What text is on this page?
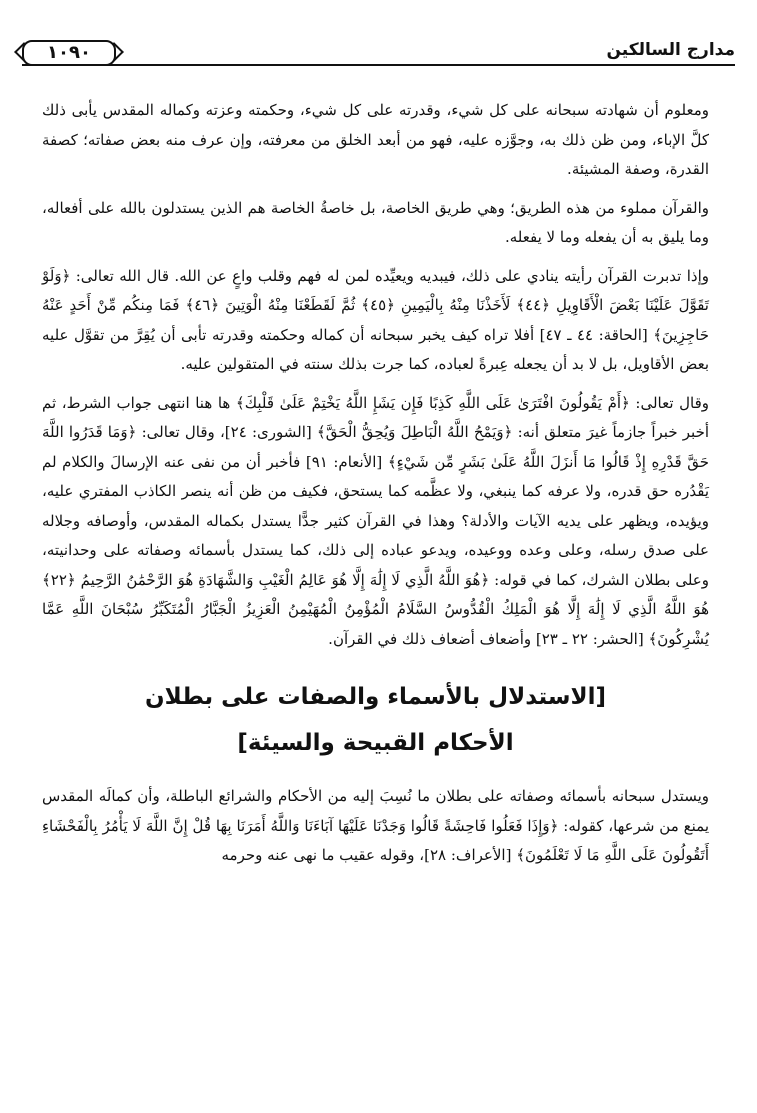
مدارج السالكين
١٠٩٠

ومعلوم أن شهادته سبحانه على كل شيء، وقدرته على كل شيء، وحكمته وعزته وكماله المقدس يأبى ذلك كلَّ الإباء، ومن ظن ذلك به، وجوَّزه عليه، فهو من أبعد الخلق من معرفته، وإن عرف منه بعض صفاته؛ كصفة القدرة، وصفة المشيئة.

والقرآن مملوء من هذه الطريق؛ وهي طريق الخاصة، بل خاصةُ الخاصة هم الذين يستدلون بالله على أفعاله، وما يليق به أن يفعله وما لا يفعله.

وإذا تدبرت القرآن رأيته ينادي على ذلك، فيبديه ويعيِّده لمن له فهم وقلب واعٍ عن الله. قال الله تعالى: ﴿وَلَوْ تَقَوَّلَ عَلَيْنَا بَعْضَ الْأَقَاوِيلِ ﴿٤٤﴾ لَأَخَذْنَا مِنْهُ بِالْيَمِينِ ﴿٤٥﴾ ثُمَّ لَقَطَعْنَا مِنْهُ الْوَتِينَ ﴿٤٦﴾ فَمَا مِنكُم مِّنْ أَحَدٍ عَنْهُ حَاجِزِينَ﴾ [الحاقة: ٤٤ ـ ٤٧] أفلا تراه كيف يخبر سبحانه أن كماله وحكمته وقدرته تأبى أن يُقِرَّ من تقوَّل عليه بعض الأقاويل، بل لا بد أن يجعله عِبرةً لعباده، كما جرت بذلك سنته في المتقولين عليه.

وقال تعالى: ﴿أَمْ يَقُولُونَ افْتَرَىٰ عَلَى اللَّهِ كَذِبًا فَإِن يَشَإِ اللَّهُ يَخْتِمْ عَلَىٰ قَلْبِكَ﴾ ها هنا انتهى جواب الشرط، ثم أخبر خبراً جازماً غيرَ متعلق أنه: ﴿وَيَمْحُ اللَّهُ الْبَاطِلَ وَيُحِقُّ الْحَقَّ﴾ [الشورى: ٢٤]، وقال تعالى: ﴿وَمَا قَدَرُوا اللَّهَ حَقَّ قَدْرِهِ إِذْ قَالُوا مَا أَنزَلَ اللَّهُ عَلَىٰ بَشَرٍ مِّن شَيْءٍ﴾ [الأنعام: ٩١] فأخبر أن من نفى عنه الإرسالَ والكلام لم يَقْدُره حق قدره، ولا عرفه كما ينبغي، ولا عظَّمه كما يستحق، فكيف من ظن أنه ينصر الكاذب المفتري عليه، ويؤيده، ويظهر على يديه الآيات والأدلة؟ وهذا في القرآن كثير جدًّا يستدل بكماله المقدس، وأوصافه وجلاله على صدق رسله، وعلى وعده ووعيده، ويدعو عباده إلى ذلك، كما يستدل بأسمائه وصفاته على وحدانيته، وعلى بطلان الشرك، كما في قوله: ﴿هُوَ اللَّهُ الَّذِي لَا إِلَٰهَ إِلَّا هُوَ عَالِمُ الْغَيْبِ وَالشَّهَادَةِ هُوَ الرَّحْمَٰنُ الرَّحِيمُ ﴿٢٢﴾ هُوَ اللَّهُ الَّذِي لَا إِلَٰهَ إِلَّا هُوَ الْمَلِكُ الْقُدُّوسُ السَّلَامُ الْمُؤْمِنُ الْمُهَيْمِنُ الْعَزِيزُ الْجَبَّارُ الْمُتَكَبِّرُ سُبْحَانَ اللَّهِ عَمَّا يُشْرِكُونَ﴾ [الحشر: ٢٢ ـ ٢٣] وأضعاف أضعاف ذلك في القرآن.

[الاستدلال بالأسماء والصفات على بطلان
الأحكام القبيحة والسيئة]

ويستدل سبحانه بأسمائه وصفاته على بطلان ما نُسِبَ إليه من الأحكام والشرائع الباطلة، وأن كمالَه المقدس يمنع من شرعها، كقوله: ﴿وَإِذَا فَعَلُوا فَاحِشَةً قَالُوا وَجَدْنَا عَلَيْهَا آبَاءَنَا وَاللَّهُ أَمَرَنَا بِهَا قُلْ إِنَّ اللَّهَ لَا يَأْمُرُ بِالْفَحْشَاءِ أَتَقُولُونَ عَلَى اللَّهِ مَا لَا تَعْلَمُونَ﴾ [الأعراف: ٢٨]، وقوله عقيب ما نهى عنه وحرمه
